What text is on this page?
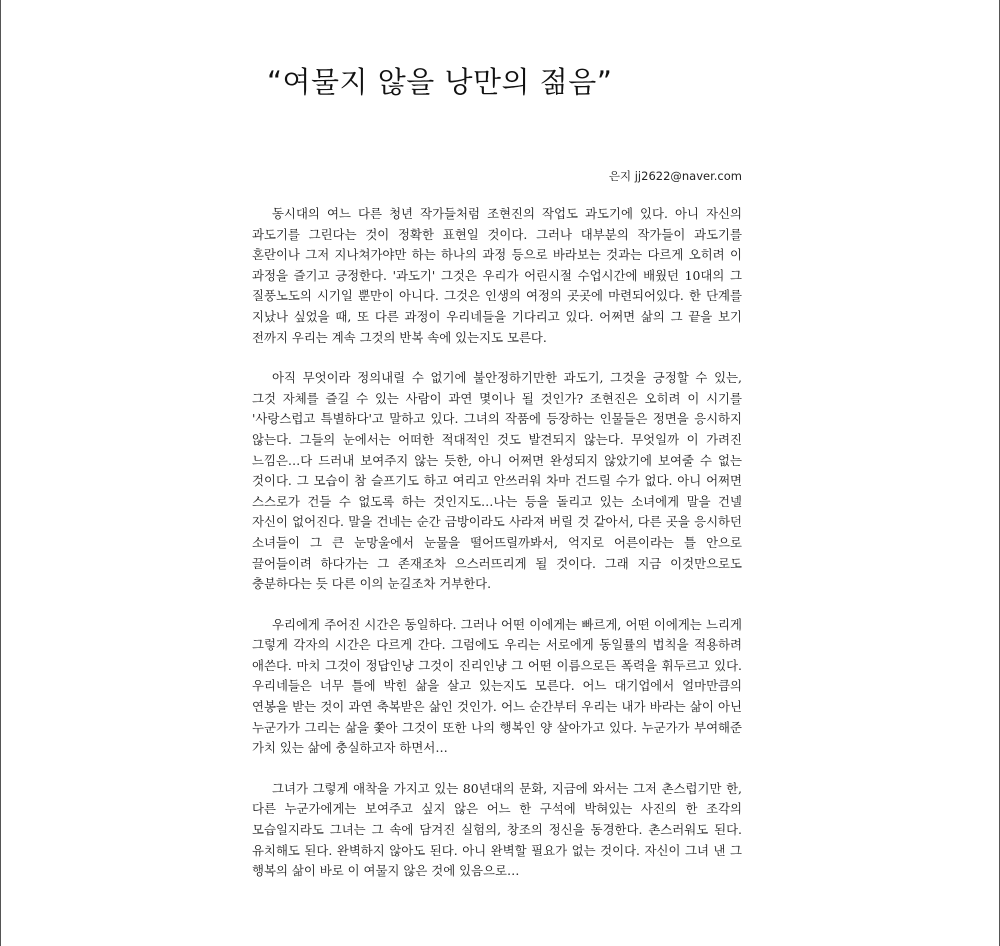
“여물지 않을 낭만의 젊음”
은지 jj2622@naver.com

동시대의 여느 다른 청년 작가들처럼 조현진의 작업도 과도기에 있다. 아니 자신의 과도기를 그린다는 것이 정확한 표현일 것이다. 그러나 대부분의 작가들이 과도기를 혼란이나 그저 지나쳐가야만 하는 하나의 과정 등으로 바라보는 것과는 다르게 오히려 이 과정을 즐기고 긍정한다. '과도기' 그것은 우리가 어린시절 수업시간에 배웠던 10대의 그 질풍노도의 시기일 뿐만이 아니다. 그것은 인생의 여정의 곳곳에 마련되어있다. 한 단계를 지났나 싶었을 때, 또 다른 과정이 우리네들을 기다리고 있다. 어쩌면 삶의 그 끝을 보기 전까지 우리는 계속 그것의 반복 속에 있는지도 모른다.

아직 무엇이라 정의내릴 수 없기에 불안정하기만한 과도기, 그것을 긍정할 수 있는, 그것 자체를 즐길 수 있는 사람이 과연 몇이나 될 것인가? 조현진은 오히려 이 시기를 '사랑스럽고 특별하다'고 말하고 있다. 그녀의 작품에 등장하는 인물들은 정면을 응시하지 않는다. 그들의 눈에서는 어떠한 적대적인 것도 발견되지 않는다. 무엇일까 이 가려진 느낌은…다 드러내 보여주지 않는 듯한, 아니 어쩌면 완성되지 않았기에 보여줄 수 없는 것이다. 그 모습이 참 슬프기도 하고 여리고 안쓰러워 차마 건드릴 수가 없다. 아니 어쩌면 스스로가 건들 수 없도록 하는 것인지도…나는 등을 돌리고 있는 소녀에게 말을 건넬 자신이 없어진다. 말을 건네는 순간 금방이라도 사라져 버릴 것 같아서, 다른 곳을 응시하던 소녀들이 그 큰 눈망울에서 눈물을 떨어뜨릴까봐서, 억지로 어른이라는 틀 안으로 끌어들이려 하다가는 그 존재조차 으스러뜨리게 될 것이다. 그래 지금 이것만으로도 충분하다는 듯 다른 이의 눈길조차 거부한다.

우리에게 주어진 시간은 동일하다. 그러나 어떤 이에게는 빠르게, 어떤 이에게는 느리게 그렇게 각자의 시간은 다르게 간다. 그럼에도 우리는 서로에게 동일률의 법칙을 적용하려 애쓴다. 마치 그것이 정답인냥 그것이 진리인냥 그 어떤 이름으로든 폭력을 휘두르고 있다. 우리네들은 너무 틀에 박힌 삶을 살고 있는지도 모른다. 어느 대기업에서 얼마만큼의 연봉을 받는 것이 과연 축복받은 삶인 것인가. 어느 순간부터 우리는 내가 바라는 삶이 아닌 누군가가 그리는 삶을 쫓아 그것이 또한 나의 행복인 양 살아가고 있다. 누군가가 부여해준 가치 있는 삶에 충실하고자 하면서…

그녀가 그렇게 애착을 가지고 있는 80년대의 문화, 지금에 와서는 그저 촌스럽기만 한, 다른 누군가에게는 보여주고 싶지 않은 어느 한 구석에 박혀있는 사진의 한 조각의 모습일지라도 그녀는 그 속에 담겨진 실험의, 창조의 정신을 동경한다. 촌스러워도 된다. 유치해도 된다. 완벽하지 않아도 된다. 아니 완벽할 필요가 없는 것이다. 자신이 그녀 낸 그 행복의 삶이 바로 이 여물지 않은 것에 있음으로…
